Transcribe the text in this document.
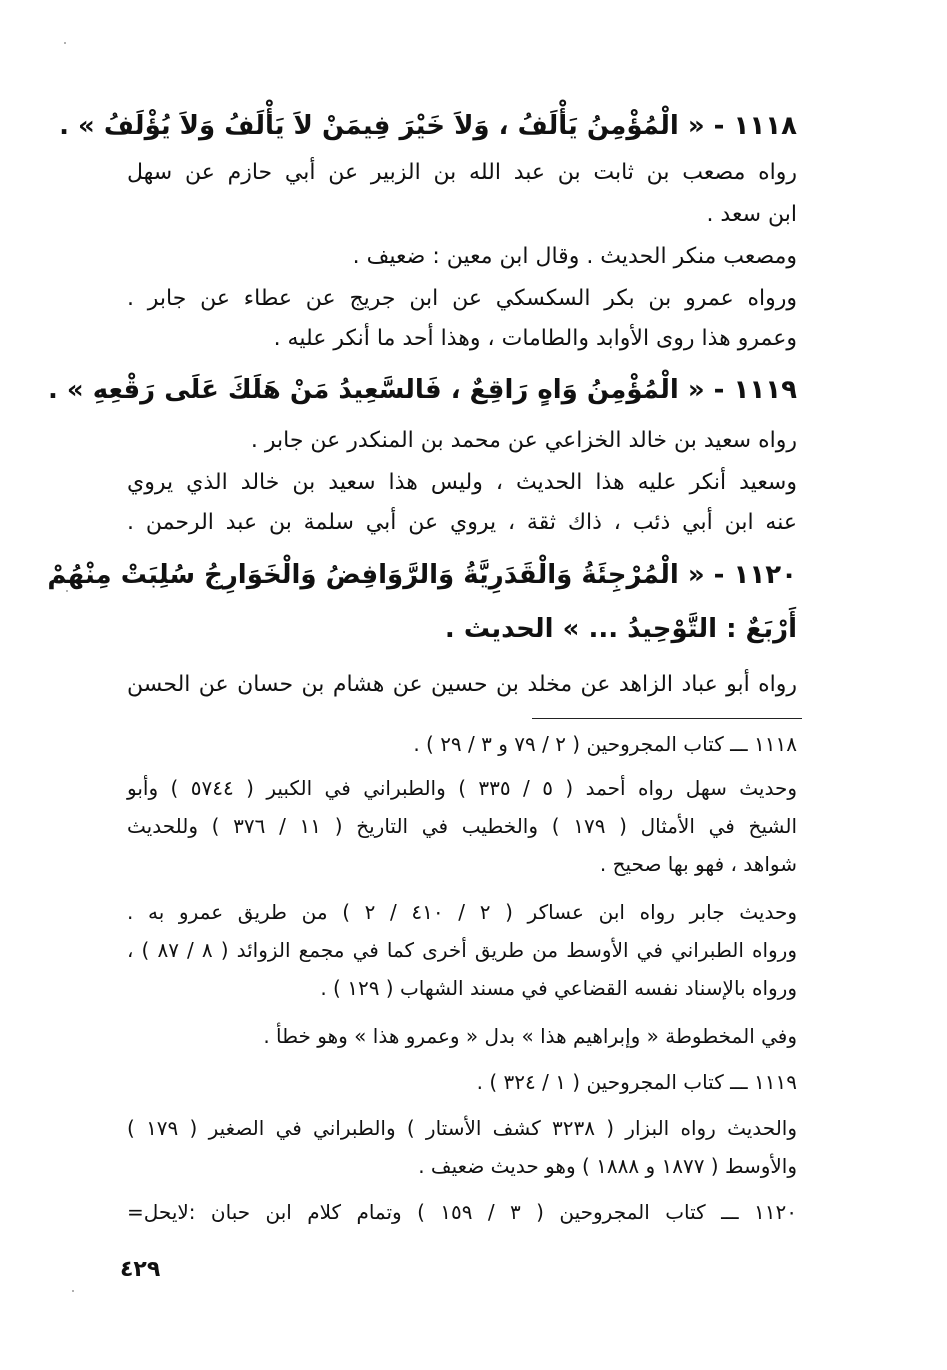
١١١٨ - « الْمُؤْمِنُ يَأْلَفُ ، وَلاَ خَيْرَ فِيمَنْ لاَ يَأْلَفُ وَلاَ يُؤْلَفُ » .
رواه مصعب بن ثابت بن عبد الله بن الزبير عن أبي حازم عن سهل
ابن سعد .
ومصعب منكر الحديث . وقال ابن معين : ضعيف .
ورواه عمرو بن بكر السكسكي عن ابن جريج عن عطاء عن جابر .
وعمرو هذا روى الأوابد والطامات ، وهذا أحد ما أنكر عليه .
١١١٩ - « الْمُؤْمِنُ وَاهٍ رَاقِعٌ ، فَالسَّعِيدُ مَنْ هَلَكَ عَلَى رَقْعِهِ » .
رواه سعيد بن خالد الخزاعي عن محمد بن المنكدر عن جابر .
وسعيد أنكر عليه هذا الحديث ، وليس هذا سعيد بن خالد الذي يروي
عنه ابن أبي ذئب ، ذاك ثقة ، يروي عن أبي سلمة بن عبد الرحمن .
١١٢٠ - « الْمُرْجِئَةُ وَالْقَدَرِيَّةُ وَالرَّوَافِضُ وَالْخَوَارِجُ سُلِبَتْ مِنْهُمْ
أَرْبَعٌ : التَّوْحِيدُ ... » الحديث .
رواه أبو عباد الزاهد عن مخلد بن حسين عن هشام بن حسان عن الحسن
١١١٨ ـــ كتاب المجروحين ( ٢ / ٧٩ و ٣ / ٢٩ ) .
وحديث سهل رواه أحمد ( ٥ / ٣٣٥ ) والطبراني في الكبير ( ٥٧٤٤ ) وأبو
الشيخ في الأمثال ( ١٧٩ ) والخطيب في التاريخ ( ١١ / ٣٧٦ ) وللحديث
شواهد ، فهو بها صحيح .
وحديث جابر رواه ابن عساكر ( ٢ / ٤١٠ / ٢ ) من طريق عمرو به .
ورواه الطبراني في الأوسط من طريق أخرى كما في مجمع الزوائد ( ٨ / ٨٧ ) ،
ورواه بالإسناد نفسه القضاعي في مسند الشهاب ( ١٢٩ ) .
وفي المخطوطة « وإبراهيم هذا » بدل « وعمرو هذا » وهو خطأ .
١١١٩ ـــ كتاب المجروحين ( ١ / ٣٢٤ ) .
والحديث رواه البزار ( ٣٢٣٨ كشف الأستار ) والطبراني في الصغير ( ١٧٩ )
والأوسط ( ١٨٧٧ و ١٨٨٨ ) وهو حديث ضعيف .
١١٢٠ ـــ كتاب المجروحين ( ٣ / ١٥٩ ) وتمام كلام ابن حبان :لايحل=
٤٢٩
